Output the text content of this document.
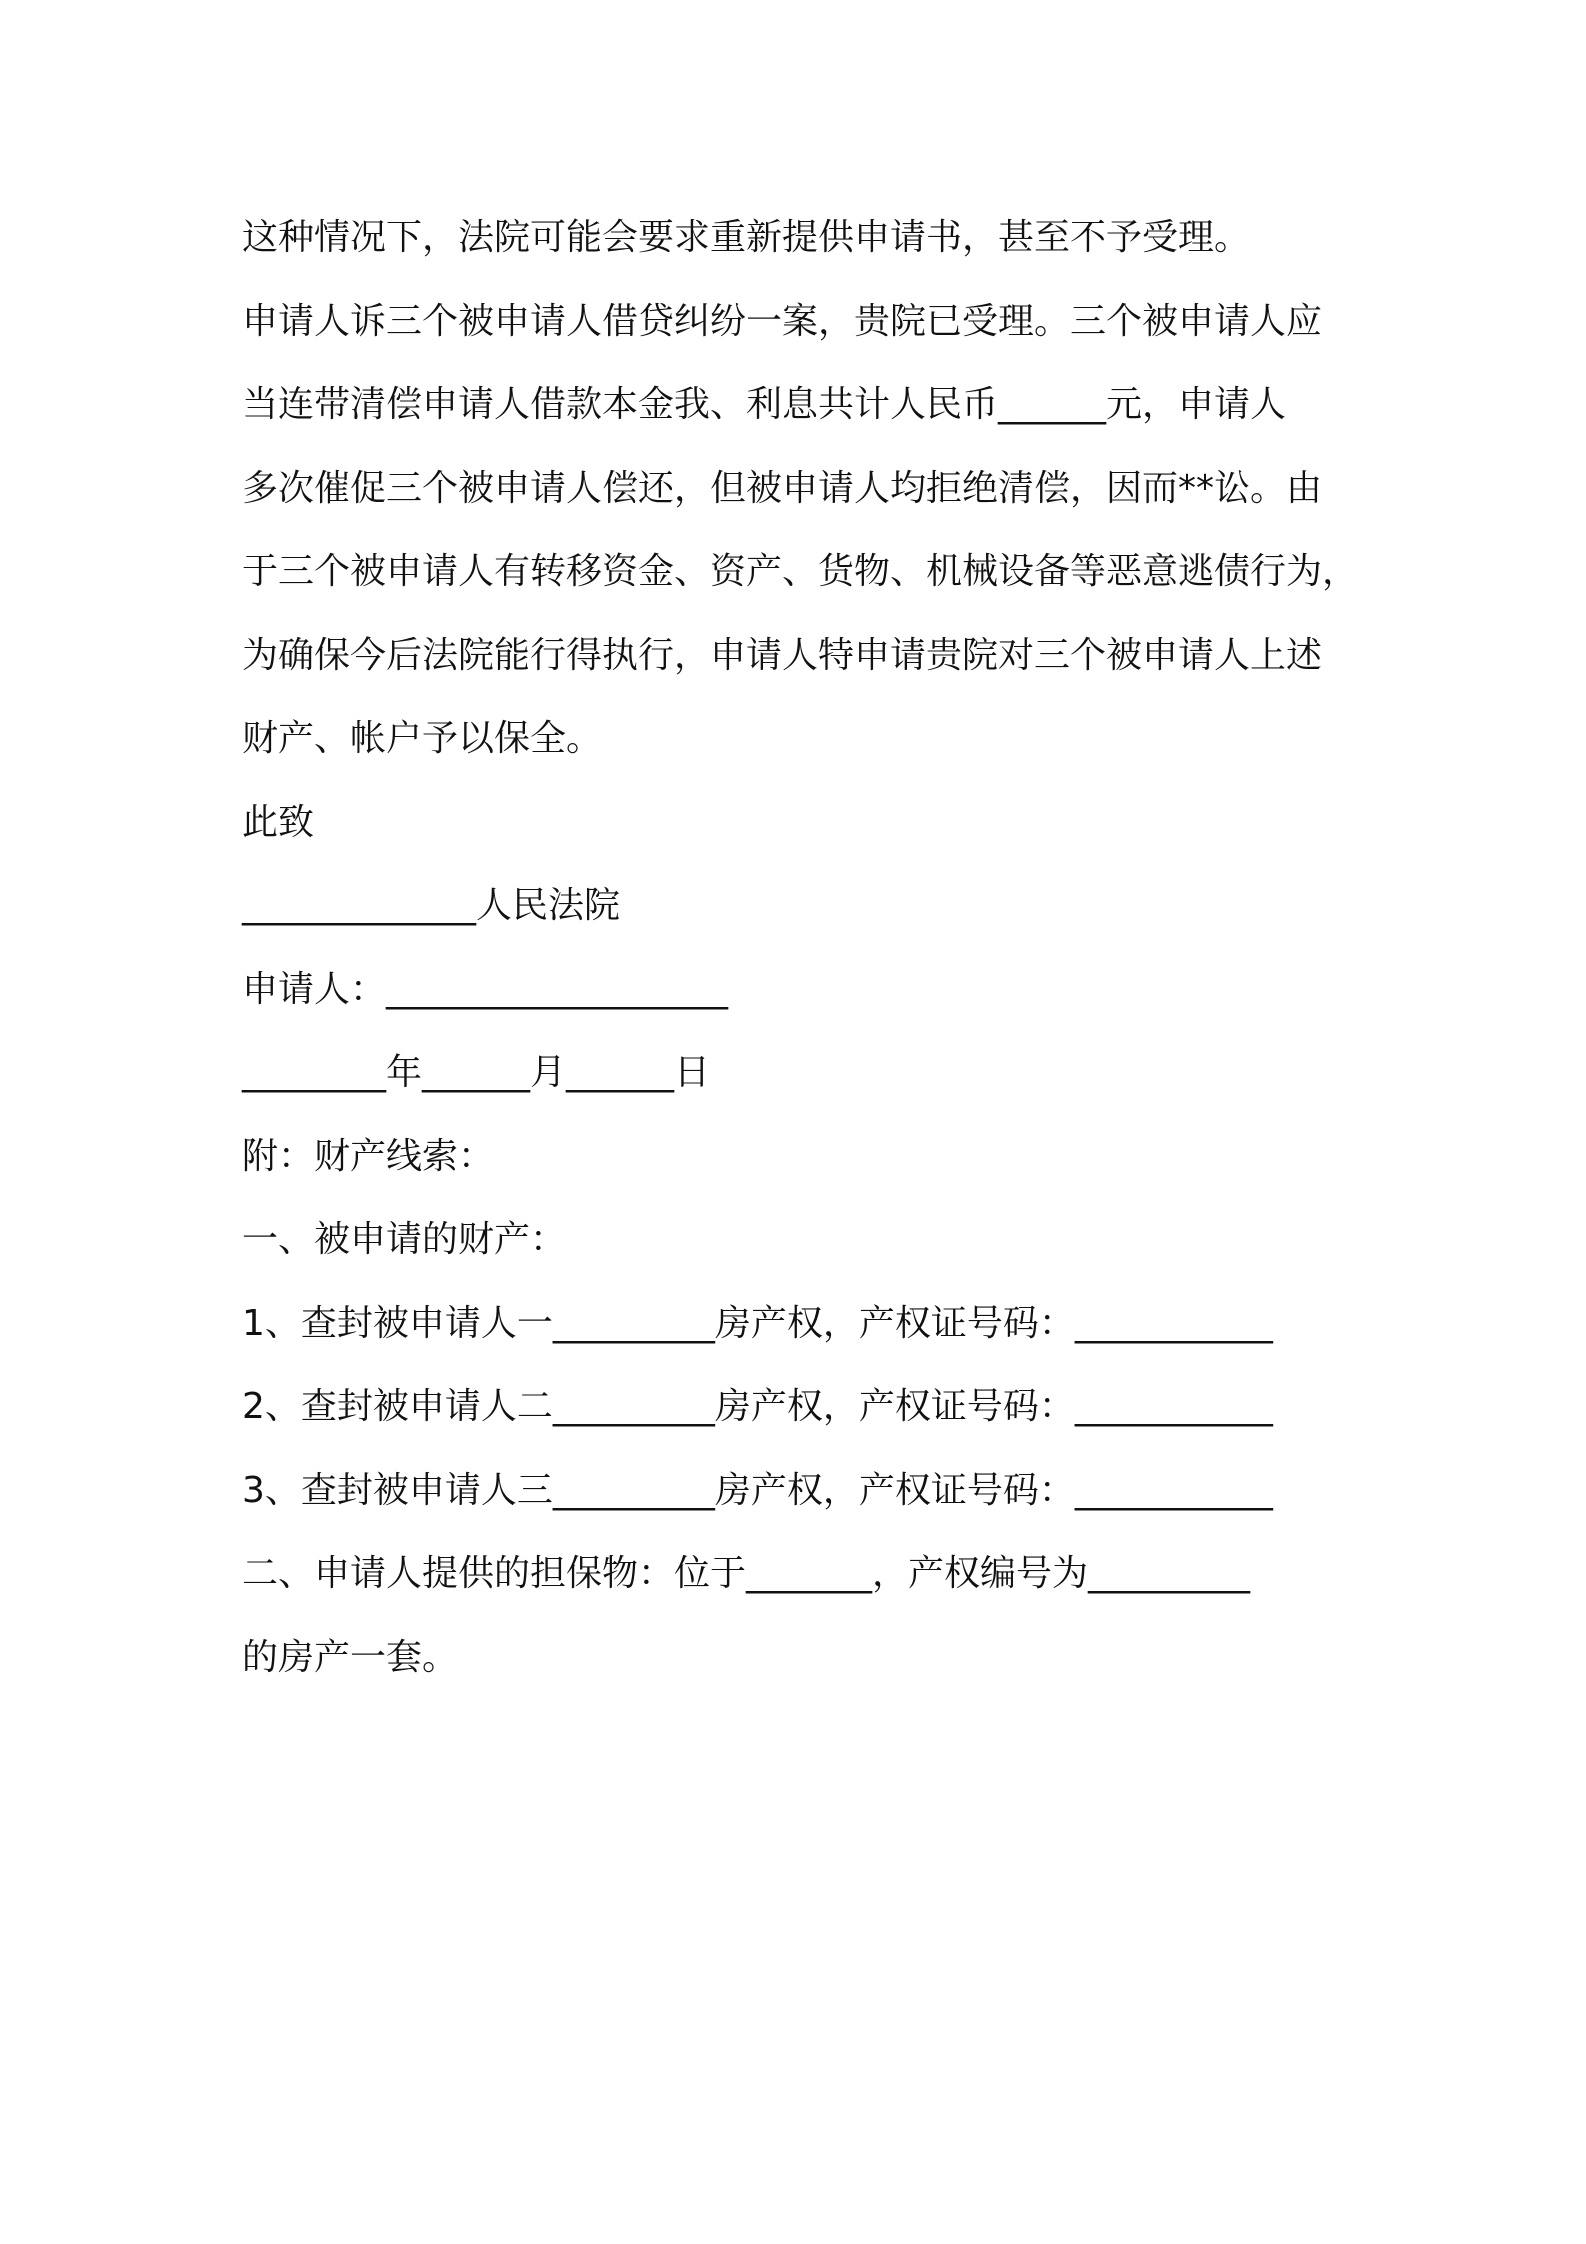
这种情况下，法院可能会要求重新提供申请书，甚至不予受理。
申请人诉三个被申请人借贷纠纷一案，贵院已受理。三个被申请人应
当连带清偿申请人借款本金我、利息共计人民币______元，申请人
多次催促三个被申请人偿还，但被申请人均拒绝清偿，因而**讼。由
于三个被申请人有转移资金、资产、货物、机械设备等恶意逃债行为，
为确保今后法院能行得执行，申请人特申请贵院对三个被申请人上述
财产、帐户予以保全。
此致
_____________人民法院
申请人：___________________
________年______月______日
附：财产线索：
一、被申请的财产：
1、查封被申请人一_________房产权，产权证号码：___________
2、查封被申请人二_________房产权，产权证号码：___________
3、查封被申请人三_________房产权，产权证号码：___________
二、申请人提供的担保物：位于_______，产权编号为_________
的房产一套。
